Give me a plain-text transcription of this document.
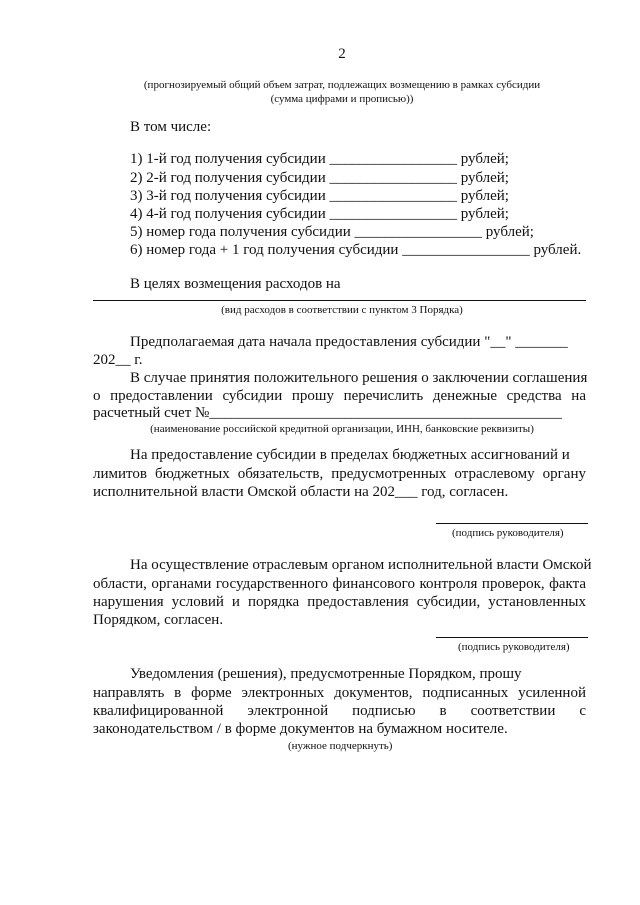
2
(прогнозируемый общий объем затрат, подлежащих возмещению в рамках субсидии
(сумма цифрами и прописью))
В том числе:
1) 1-й год получения субсидии _________________ рублей;
2) 2-й год получения субсидии _________________ рублей;
3) 3-й год получения субсидии _________________ рублей;
4) 4-й год получения субсидии _________________ рублей;
5) номер года получения субсидии _________________ рублей;
6) номер года + 1 год получения субсидии _________________ рублей.
В целях возмещения расходов на
(вид расходов в соответствии с пунктом 3 Порядка)
Предполагаемая дата начала предоставления субсидии "__" _______
202__ г.
В случае принятия положительного решения о заключении соглашения
о предоставлении субсидии прошу перечислить денежные средства на
расчетный счет №_______________________________________________
(наименование российской кредитной организации, ИНН, банковские реквизиты)
На предоставление субсидии в пределах бюджетных ассигнований и
лимитов бюджетных обязательств, предусмотренных отраслевому органу
исполнительной власти Омской области на 202___ год, согласен.
(подпись руководителя)
На осуществление отраслевым органом исполнительной власти Омской
области, органами государственного финансового контроля проверок, факта
нарушения условий и порядка предоставления субсидии, установленных
Порядком, согласен.
(подпись руководителя)
Уведомления (решения), предусмотренные Порядком, прошу
направлять в форме электронных документов, подписанных усиленной
квалифицированной электронной подписью в соответствии с
законодательством / в форме документов на бумажном носителе.
(нужное подчеркнуть)
